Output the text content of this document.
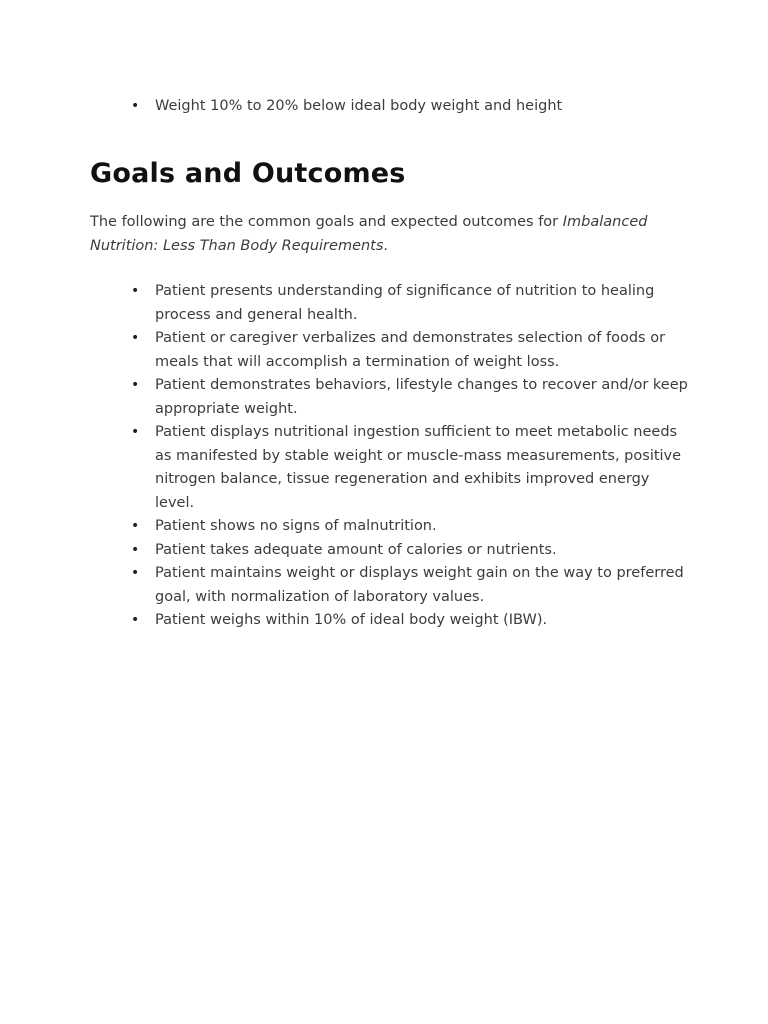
• Weight 10% to 20% below ideal body weight and height
Goals and Outcomes

The following are the common goals and expected outcomes for Imbalanced Nutrition: Less Than Body Requirements.

• Patient presents understanding of significance of nutrition to healing process and general health.
• Patient or caregiver verbalizes and demonstrates selection of foods or meals that will accomplish a termination of weight loss.
• Patient demonstrates behaviors, lifestyle changes to recover and/or keep appropriate weight.
• Patient displays nutritional ingestion sufficient to meet metabolic needs as manifested by stable weight or muscle-mass measurements, positive nitrogen balance, tissue regeneration and exhibits improved energy level.
• Patient shows no signs of malnutrition.
• Patient takes adequate amount of calories or nutrients.
• Patient maintains weight or displays weight gain on the way to preferred goal, with normalization of laboratory values.
• Patient weighs within 10% of ideal body weight (IBW).
